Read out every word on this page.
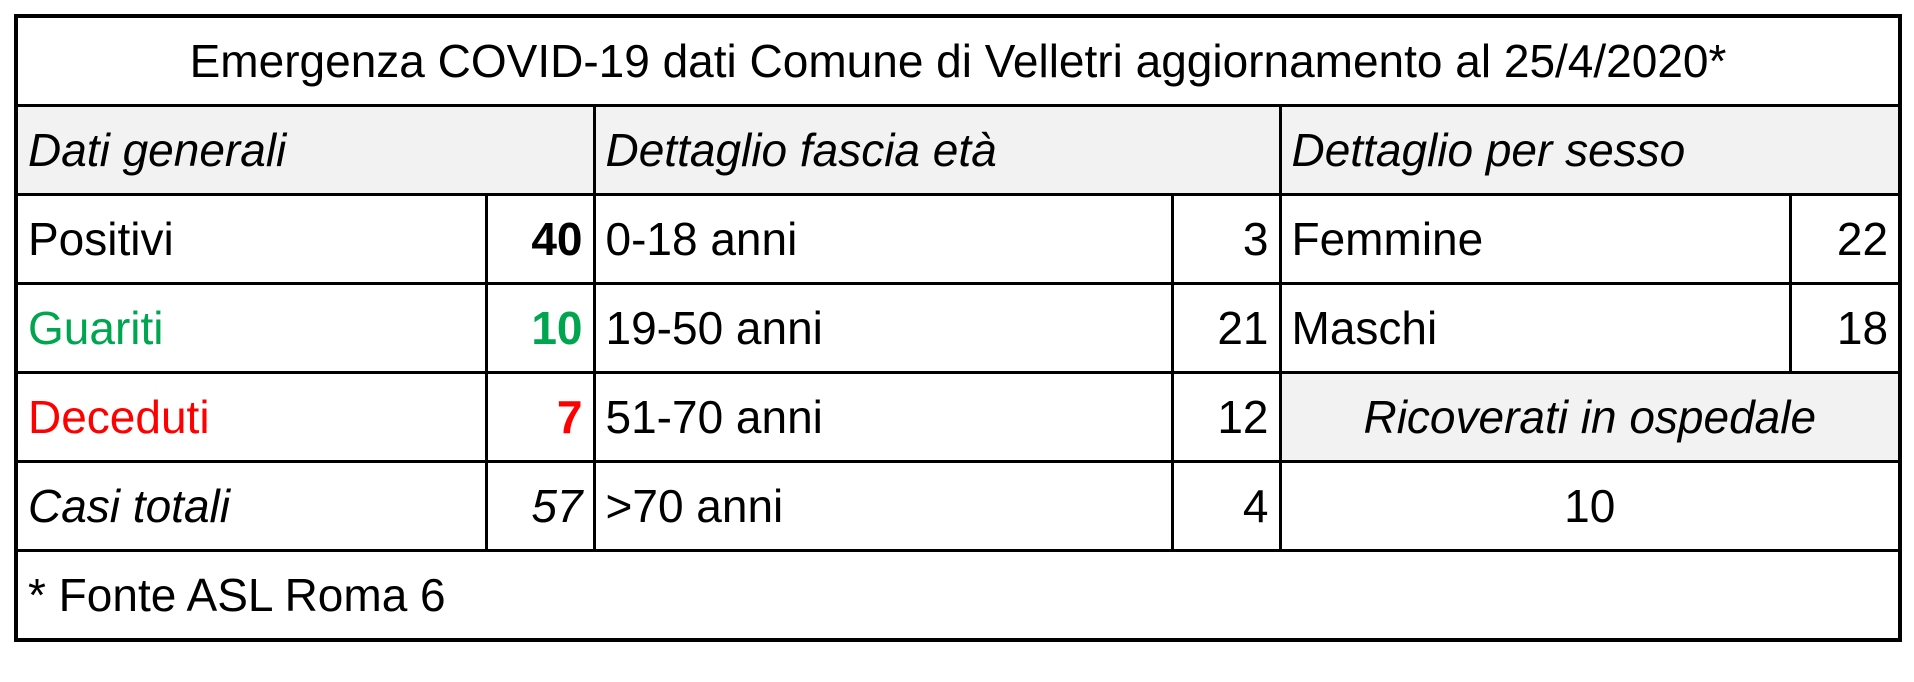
Emergenza COVID-19 dati Comune di Velletri aggiornamento al 25/4/2020*					
Dati generali		Dettaglio fascia età		Dettaglio per sesso	
Positivi	40	0-18 anni	3	Femmine	22
Guariti	10	19-50 anni	21	Maschi	18
Deceduti	7	51-70 anni	12	Ricoverati in ospedale	
Casi totali	57	>70 anni	4	10	
* Fonte ASL Roma 6					
